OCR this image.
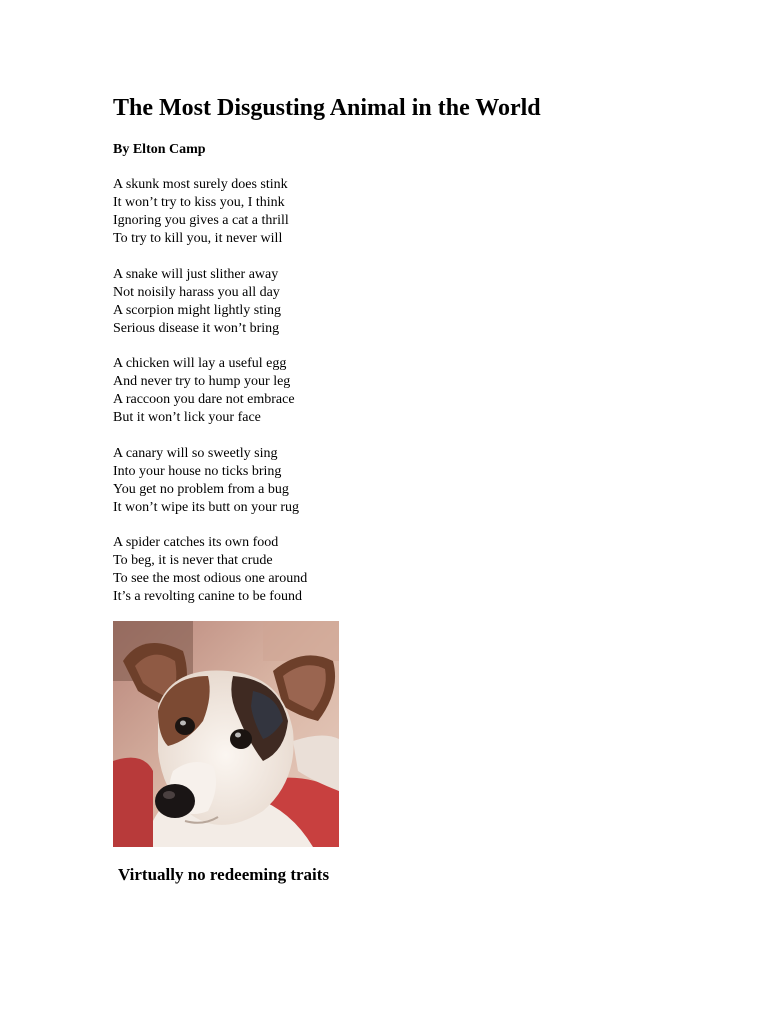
The Most Disgusting Animal in the World

By Elton Camp

A skunk most surely does stink
It won’t try to kiss you, I think
Ignoring you gives a cat a thrill
To try to kill you, it never will
A snake will just slither away
Not noisily harass you all day
A scorpion might lightly sting
Serious disease it won’t bring
A chicken will lay a useful egg
And never try to hump your leg
A raccoon you dare not embrace
But it won’t lick your face
A canary will so sweetly sing
Into your house no ticks bring
You get no problem from a bug
It won’t wipe its butt on your rug
A spider catches its own food
To beg, it is never that crude
To see the most odious one around
It’s a revolting canine to be found

Virtually no redeeming traits
